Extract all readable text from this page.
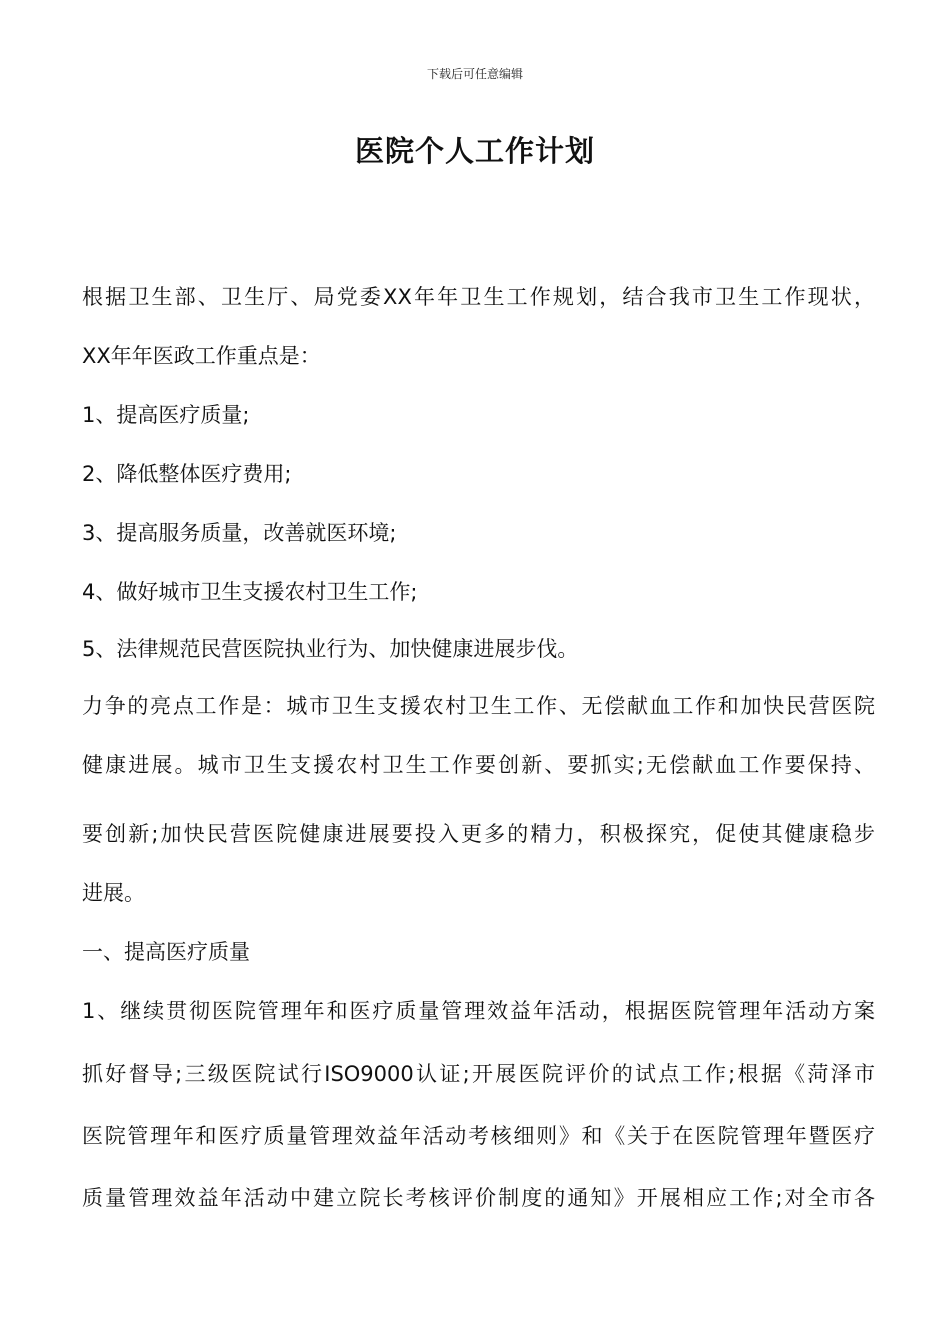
下载后可任意编辑
医院个人工作计划
根据卫生部、卫生厅、局党委XX年年卫生工作规划，结合我市卫生工作现状，
XX年年医政工作重点是：
1、提高医疗质量;
2、降低整体医疗费用;
3、提高服务质量，改善就医环境;
4、做好城市卫生支援农村卫生工作;
5、法律规范民营医院执业行为、加快健康进展步伐。
力争的亮点工作是：城市卫生支援农村卫生工作、无偿献血工作和加快民营医院
健康进展。城市卫生支援农村卫生工作要创新、要抓实;无偿献血工作要保持、
要创新;加快民营医院健康进展要投入更多的精力，积极探究，促使其健康稳步
进展。
一、提高医疗质量
1、继续贯彻医院管理年和医疗质量管理效益年活动，根据医院管理年活动方案
抓好督导;三级医院试行ISO9000认证;开展医院评价的试点工作;根据《菏泽市
医院管理年和医疗质量管理效益年活动考核细则》和《关于在医院管理年暨医疗
质量管理效益年活动中建立院长考核评价制度的通知》开展相应工作;对全市各
